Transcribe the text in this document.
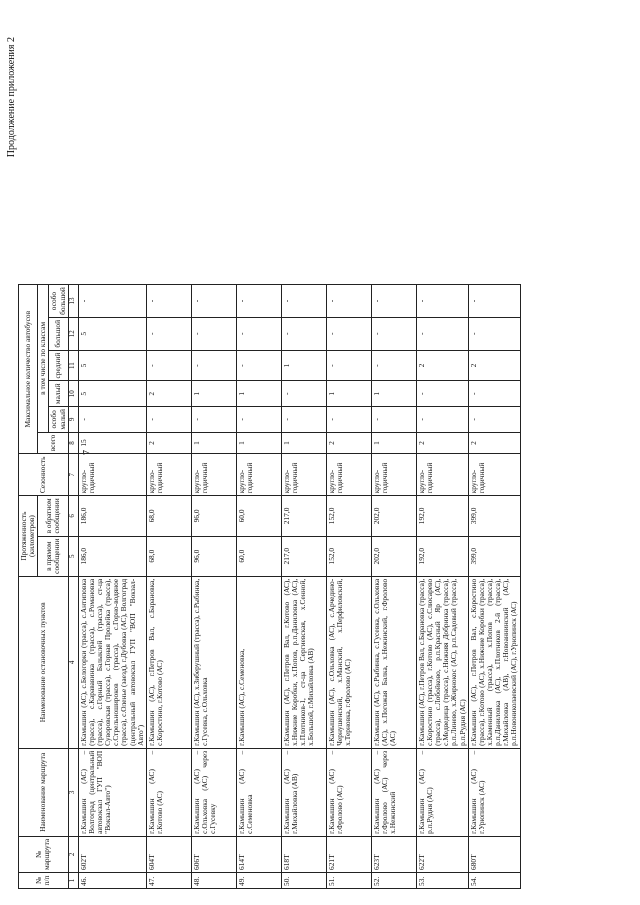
Продолжение приложения 2
7
№ п/п	№ маршрута	Наименование маршрута	Наименование остановочных пунктов	Протяженность (километров)		Сезонность	Максимальное количество автобусов					
				в прямом сообщении	в обратном сообщении		всего	в том числе по классам				
								особо малый	малый	средний	большой	особо большой
1	2	3	4	5	6	7	8	9	10	11	12	13
46.	602Т	г.Камышин (АС) – Волгоград (центральный автовокзал ГУП "ВОП "Вокзал-Авто")	г.Камышин (АС), с.Белогорки (трасса), с.Антиповка (трасса), с.Карававинка (трасса), с.Романовка (трасса), с.Горный Балыклей (трасса), ст-ца Суворовская (трасса), с.Горная Пролейка (трасса), с.Стрельношироков (трасса), с.Горно-водяное (трасса), с.Оленье (заезд), г.Дубовка (АС), Волгоград (центральный автовокзал ГУП "ВОП "Вокзал-Авто")	186,0	186,0	кругло-годичный	15	-	5	5	5	-
47.	604Т	г.Камышин (АС) – г.Котово (АС)	г.Камышин (АС), г.Петров Вал, с.Барановка, с.Коростино, г.Котово (АС)	68,0	68,0	кругло-годичный	2	-	2	-	-	-
48.	606Т	г.Камышин (АС) – с.Ольховка (АС) через с.Гусевку	г.Камышин (АС), х.Зиберушный (трасса), с.Рыбинка, с.Гусевка, с.Ольховка	96,0	96,0	кругло-годичный	1	-	1	-	-	-
49.	614Т	г.Камышин (АС) – с.Семеновка	г.Камышин (АС), с.Семеновка,	60,0	60,0	кругло-годичный	1	-	1	-	-	-
50.	618Т	г.Камышин (АС) – г.Михайловка (АВ)	г.Камышин (АС), г.Петров Вал, г.Котово (АС), х.Нижние Коробки, х.Попов, р.п.Даниловка (АС), х.Плотников-1, ст-ца Сергиевская, х.Сенной, х.Большой, г.Михайловка (АВ)	217,0	217,0	кругло-годичный	1	-	-	1	-	-
51.	621Т	г.Камышин (АС) – г.Фролово (АС)	г.Камышин (АС), с.Ольховка (АС), с.Арчедино-Чернушенский, х.Манский, х.Перфиловский, х.Терновка, г.Фролово (АС)	152,0	152,0	кругло-годичный	2	-	1	-	-	-
52.	623Т	г.Камышин (АС) – г.Фролово (АС) через х.Нежинский	г.Камышин (АС), с.Рыбинка, с.Гусевка, с.Ольховка (АС), х.Погожая Балка, х.Нежинский, г.Фролово (АС)	202,0	202,0	кругло-годичный	1	-	1	-	-	-
53.	622Т	г.Камышин (АС) – р.п.Рудня (АС)	г.Камышин (АС), г.Петров Вал, с.Барановка (трасса), с.Коростино (трасса), г.Котово (АС), с.Слюсарево (трасса), с.Лобойково, р.п.Красный Яр (АС), с.Медведица (трасса), с.Нижняя Добринка (трасса), р.п.Линево, х.Жирнокос (АС), р.п.Садовый (трасса), р.п.Рудня (АС)	192,0	192,0	кругло-годичный	2	-	-	2	-	-
54.	680Т	г.Камышин (АС) – г.Урюпинск (АС)	г.Камышин (АС), г.Петров Вал, с.Коростино (трасса), г.Котово (АС), х.Нижние Коробки (трасса), х.Каменный (трасса), х.Попов (трасса), р.п.Даниловка (АС), х.Плотников 2-й (трасса), г.Михайловка (АВ), г.Новоаннинский (АС), р.п.Новониколаевский (АС), г.Урюпинск (АС)	399,0	399,0	кругло-годичный	2	-	-	2	-	-
